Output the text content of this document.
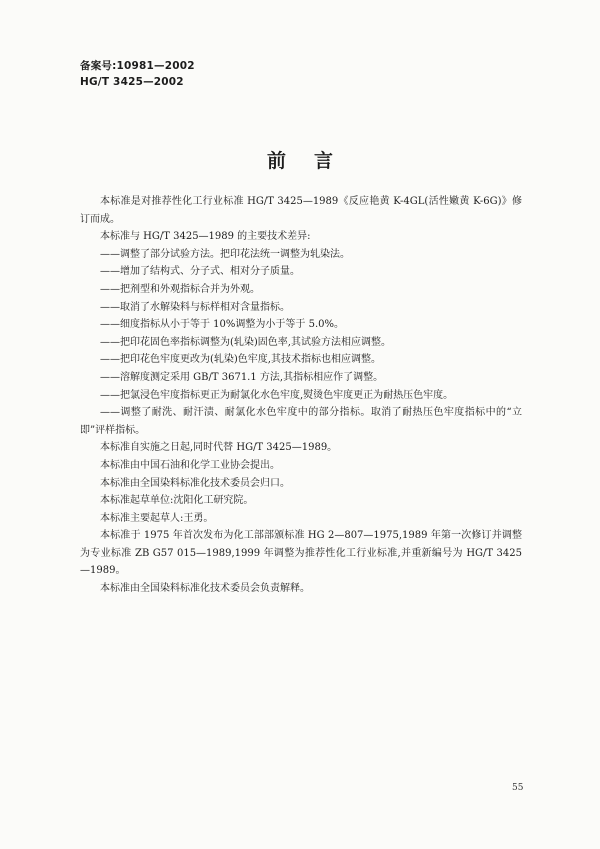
备案号:10981—2002
HG/T 3425—2002
前言

本标准是对推荐性化工行业标准 HG/T 3425—1989《反应艳黄 K-4GL(活性嫩黄 K-6G)》修订而成。

本标准与 HG/T 3425—1989 的主要技术差异:

——调整了部分试验方法。把印花法统一调整为轧染法。

——增加了结构式、分子式、相对分子质量。

——把剂型和外观指标合并为外观。

——取消了水解染料与标样相对含量指标。

——细度指标从小于等于 10%调整为小于等于 5.0%。

——把印花固色率指标调整为(轧染)固色率,其试验方法相应调整。

——把印花色牢度更改为(轧染)色牢度,其技术指标也相应调整。

——溶解度测定采用 GB/T 3671.1 方法,其指标相应作了调整。

——把氯浸色牢度指标更正为耐氯化水色牢度,熨烫色牢度更正为耐热压色牢度。

——调整了耐洗、耐汗渍、耐氯化水色牢度中的部分指标。取消了耐热压色牢度指标中的“立即”评样指标。

本标准自实施之日起,同时代替 HG/T 3425—1989。

本标准由中国石油和化学工业协会提出。

本标准由全国染料标准化技术委员会归口。

本标准起草单位:沈阳化工研究院。

本标准主要起草人:王勇。

本标准于 1975 年首次发布为化工部部颁标准 HG 2—807—1975,1989 年第一次修订并调整为专业标准 ZB G57 015—1989,1999 年调整为推荐性化工行业标准,并重新编号为 HG/T 3425—1989。

本标准由全国染料标准化技术委员会负责解释。

55
